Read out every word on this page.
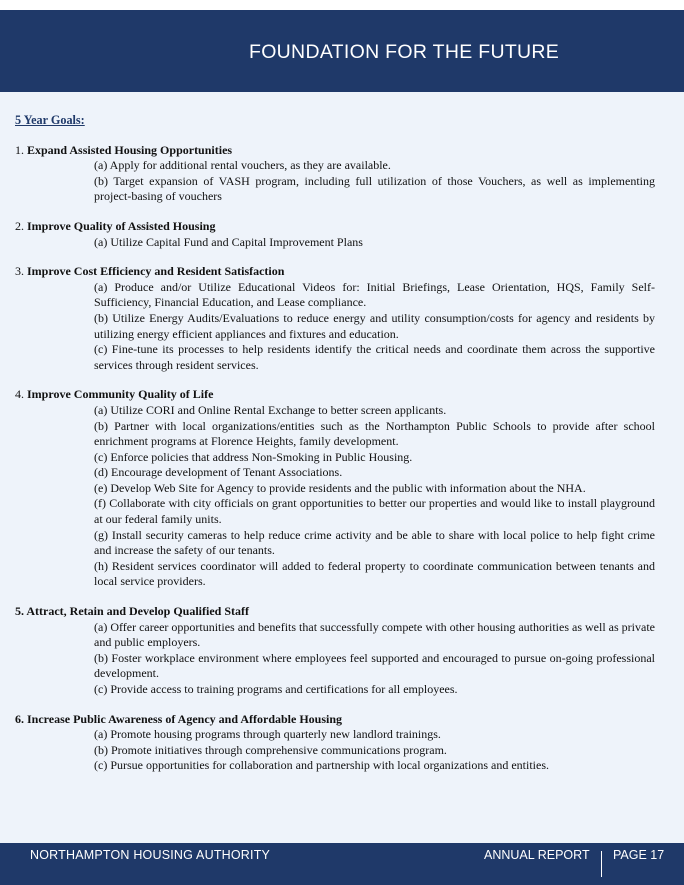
FOUNDATION FOR THE FUTURE
5 Year Goals:
1. Expand Assisted Housing Opportunities
(a) Apply for additional rental vouchers, as they are available.
(b) Target expansion of VASH program, including full utilization of those Vouchers, as well as implementing project-basing of vouchers
2. Improve Quality of Assisted Housing
(a) Utilize Capital Fund and Capital Improvement Plans
3. Improve Cost Efficiency and Resident Satisfaction
(a) Produce and/or Utilize Educational Videos for: Initial Briefings, Lease Orientation, HQS, Family Self- Sufficiency, Financial Education, and Lease compliance.
(b) Utilize Energy Audits/Evaluations to reduce energy and utility consumption/costs for agency and residents by utilizing energy efficient appliances and fixtures and education.
(c) Fine-tune its processes to help residents identify the critical needs and coordinate them across the supportive services through resident services.
4. Improve Community Quality of Life
(a) Utilize CORI and Online Rental Exchange to better screen applicants.
(b) Partner with local organizations/entities such as the Northampton Public Schools to provide after school enrichment programs at Florence Heights, family development.
(c) Enforce policies that address Non-Smoking in Public Housing.
(d) Encourage development of Tenant Associations.
(e) Develop Web Site for Agency to provide residents and the public with information about the NHA.
(f) Collaborate with city officials on grant opportunities to better our properties and would like to install playground at our federal family units.
(g) Install security cameras to help reduce crime activity and be able to share with local police to help fight crime and increase the safety of our tenants.
(h) Resident services coordinator will added to federal property to coordinate communication between tenants and local service providers.
5. Attract, Retain and Develop Qualified Staff
(a) Offer career opportunities and benefits that successfully compete with other housing authorities as well as private and public employers.
(b) Foster workplace environment where employees feel supported and encouraged to pursue on-going professional development.
(c) Provide access to training programs and certifications for all employees.
6. Increase Public Awareness of Agency and Affordable Housing
(a) Promote housing programs through quarterly new landlord trainings.
(b) Promote initiatives through comprehensive communications program.
(c) Pursue opportunities for collaboration and partnership with local organizations and entities.
NORTHAMPTON HOUSING AUTHORITY	ANNUAL REPORT PAGE 17
